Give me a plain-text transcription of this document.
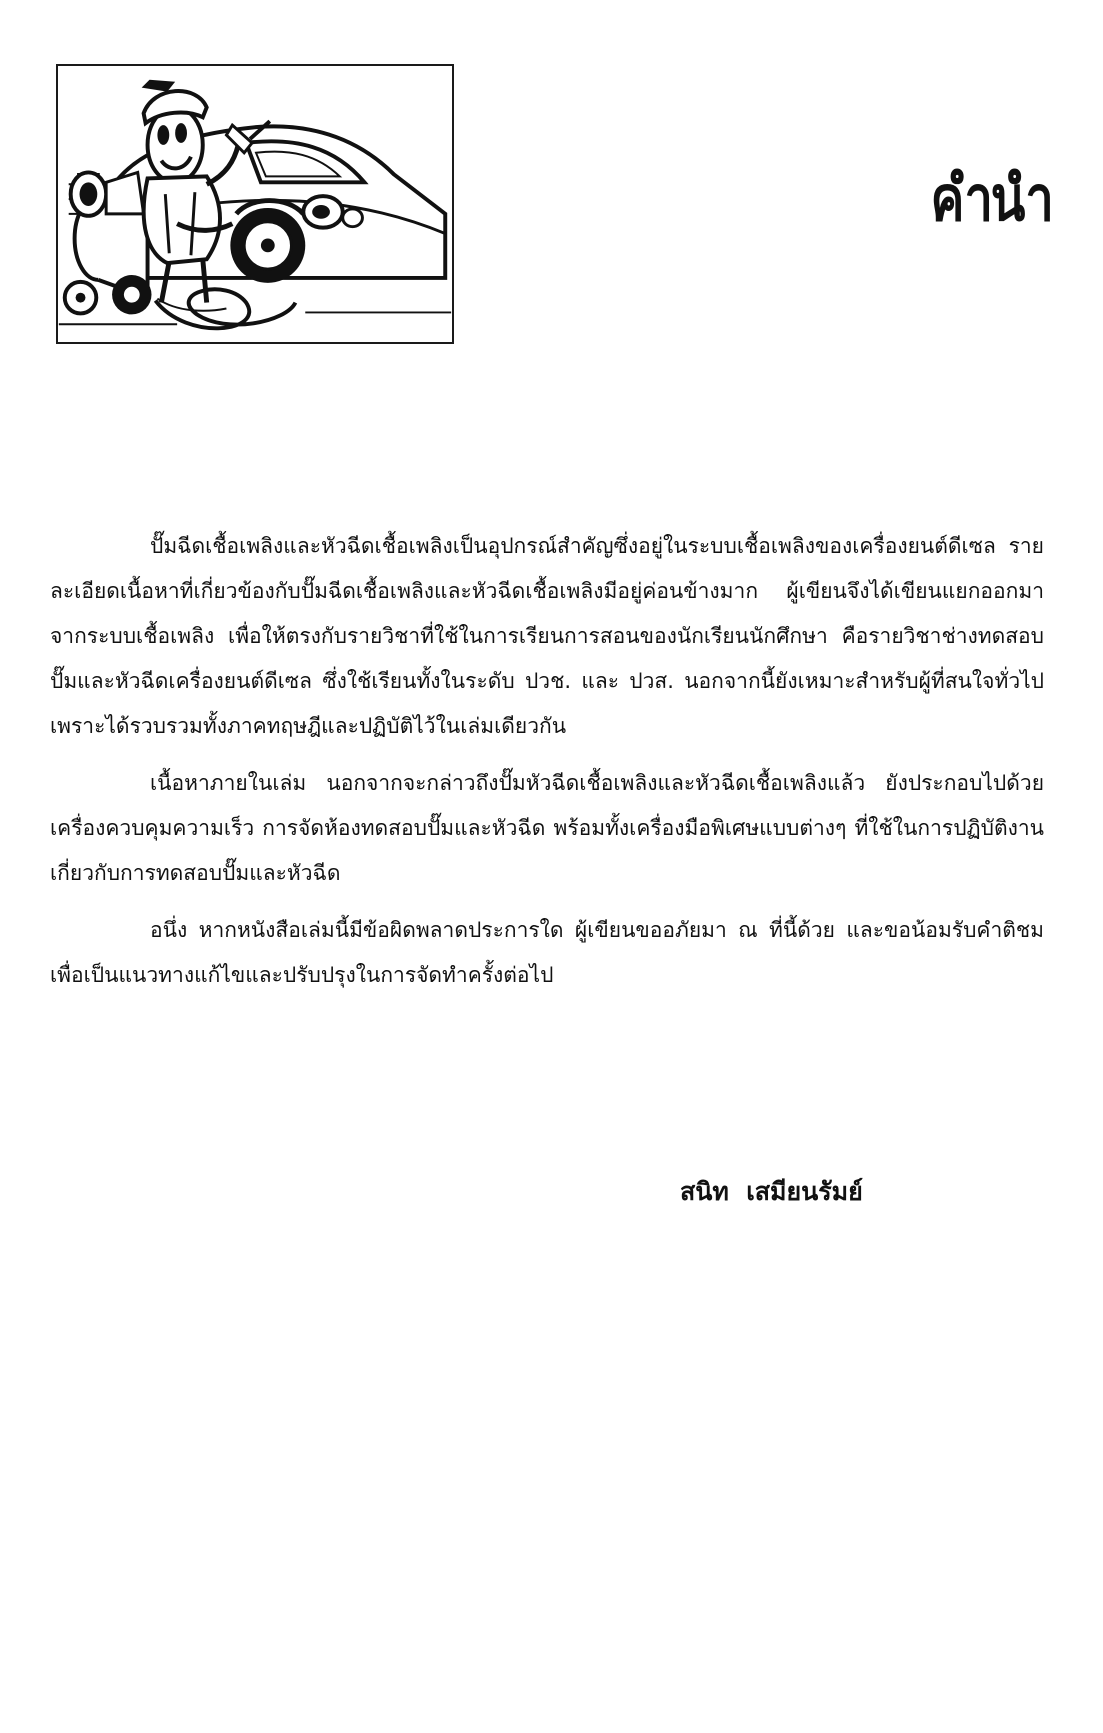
คำนำ

ปั๊มฉีดเชื้อเพลิงและหัวฉีดเชื้อเพลิงเป็นอุปกรณ์สำคัญซึ่งอยู่ในระบบเชื้อเพลิงของเครื่องยนต์ดีเซล รายละเอียดเนื้อหาที่เกี่ยวข้องกับปั๊มฉีดเชื้อเพลิงและหัวฉีดเชื้อเพลิงมีอยู่ค่อนข้างมาก ผู้เขียนจึงได้เขียนแยกออกมาจากระบบเชื้อเพลิง เพื่อให้ตรงกับรายวิชาที่ใช้ในการเรียนการสอนของนักเรียนนักศึกษา คือรายวิชาช่างทดสอบปั๊มและหัวฉีดเครื่องยนต์ดีเซล ซึ่งใช้เรียนทั้งในระดับ ปวช. และ ปวส. นอกจากนี้ยังเหมาะสำหรับผู้ที่สนใจทั่วไป เพราะได้รวบรวมทั้งภาคทฤษฎีและปฏิบัติไว้ในเล่มเดียวกัน

เนื้อหาภายในเล่ม นอกจากจะกล่าวถึงปั๊มหัวฉีดเชื้อเพลิงและหัวฉีดเชื้อเพลิงแล้ว ยังประกอบไปด้วยเครื่องควบคุมความเร็ว การจัดห้องทดสอบปั๊มและหัวฉีด พร้อมทั้งเครื่องมือพิเศษแบบต่างๆ ที่ใช้ในการปฏิบัติงานเกี่ยวกับการทดสอบปั๊มและหัวฉีด

อนึ่ง หากหนังสือเล่มนี้มีข้อผิดพลาดประการใด ผู้เขียนขออภัยมา ณ ที่นี้ด้วย และขอน้อมรับคำติชมเพื่อเป็นแนวทางแก้ไขและปรับปรุงในการจัดทำครั้งต่อไป

สนิท  เสมียนรัมย์
